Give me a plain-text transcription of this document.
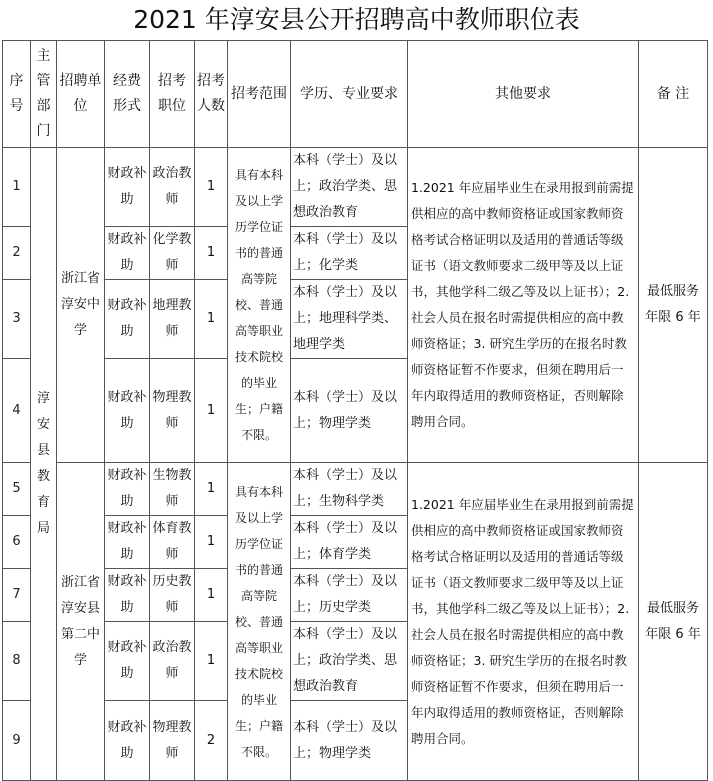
2021 年淳安县公开招聘高中教师职位表
序号	主管部门	招聘单位	经费形式	招考职位	招考人数	招考范围	学历、专业要求	其他要求	备 注
1	淳安县教育局	浙江省淳安中学	财政补助	政治教师	1	具有本科及以上学历学位证书的普通高等院校、普通高等职业技术院校的毕业生；户籍不限。	本科（学士）及以上；政治学类、思想政治教育	1.2021 年应届毕业生在录用报到前需提供相应的高中教师资格证或国家教师资格考试合格证明以及适用的普通话等级证书（语文教师要求二级甲等及以上证书，其他学科二级乙等及以上证书）；2. 社会人员在报名时需提供相应的高中教师资格证；3. 研究生学历的在报名时教师资格证暂不作要求，但须在聘用后一年内取得适用的教师资格证，否则解除聘用合同。	最低服务年限 6 年
2			财政补助	化学教师	1		本科（学士）及以上；化学类		
3			财政补助	地理教师	1		本科（学士）及以上；地理科学类、地理学类		
4			财政补助	物理教师	1		本科（学士）及以上；物理学类		
5		浙江省淳安县第二中学	财政补助	生物教师	1	具有本科及以上学历学位证书的普通高等院校、普通高等职业技术院校的毕业生；户籍不限。	本科（学士）及以上；生物科学类	1.2021 年应届毕业生在录用报到前需提供相应的高中教师资格证或国家教师资格考试合格证明以及适用的普通话等级证书（语文教师要求二级甲等及以上证书，其他学科二级乙等及以上证书）；2. 社会人员在报名时需提供相应的高中教师资格证；3. 研究生学历的在报名时教师资格证暂不作要求，但须在聘用后一年内取得适用的教师资格证，否则解除聘用合同。	最低服务年限 6 年
6			财政补助	体育教师	1		本科（学士）及以上；体育学类		
7			财政补助	历史教师	1		本科（学士）及以上；历史学类		
8			财政补助	政治教师	1		本科（学士）及以上；政治学类、思想政治教育		
9			财政补助	物理教师	2		本科（学士）及以上；物理学类		
